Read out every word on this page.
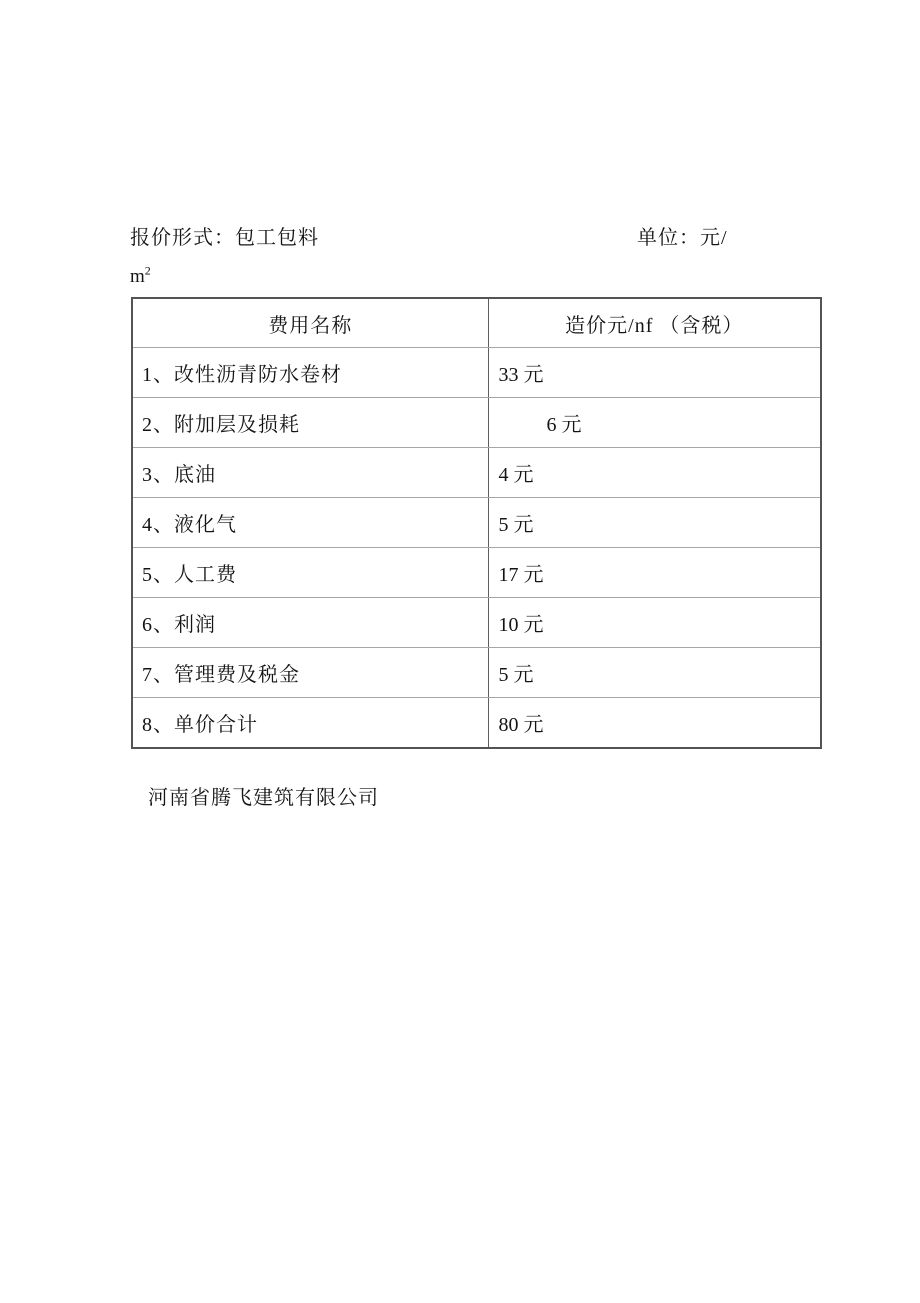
报价形式：包工包料	单位：元/
$m^2$
费用名称	造价元/nf （含税）
1、改性沥青防水卷材	33 元
2、附加层及损耗	6 元
3、底油	4 元
4、液化气	5 元
5、人工费	17 元
6、利润	10 元
7、管理费及税金	5 元
8、单价合计	80 元
河南省腾飞建筑有限公司
